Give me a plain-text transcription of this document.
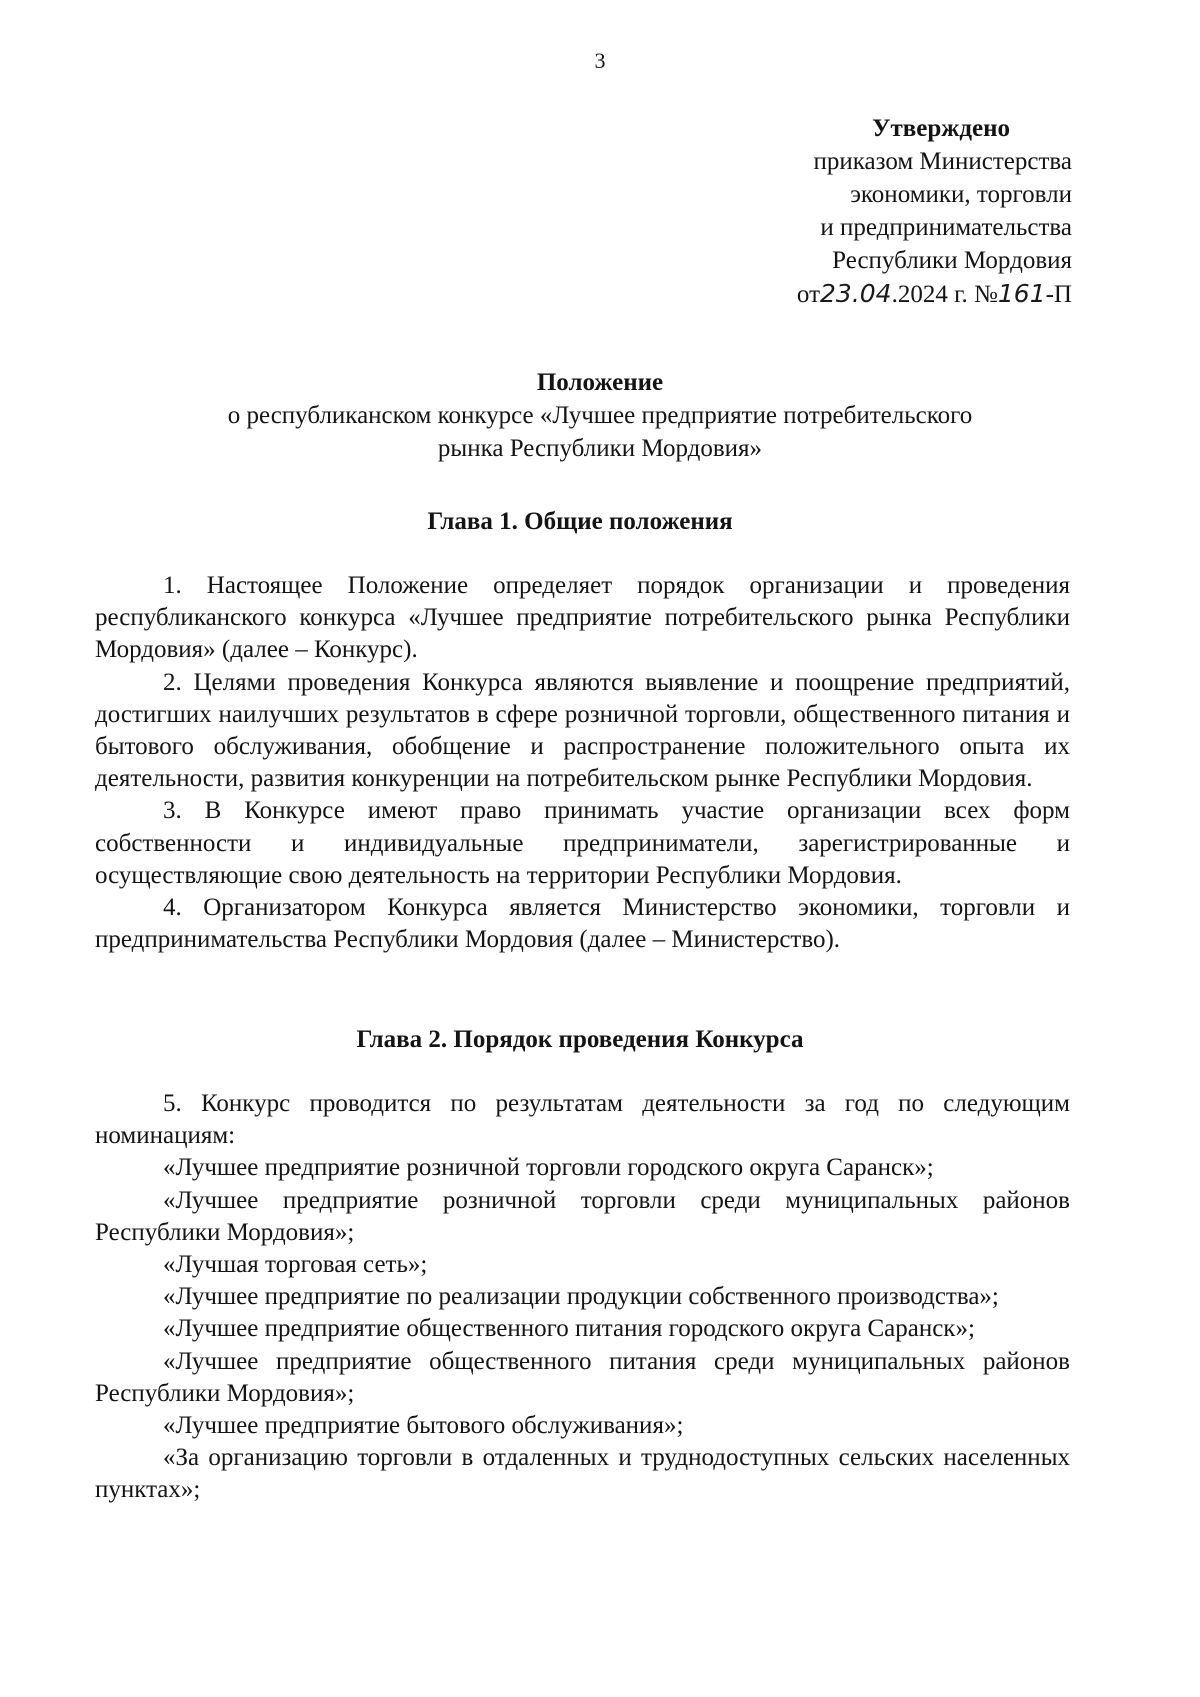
3
Утверждено
приказом Министерства
экономики, торговли
и предпринимательства
Республики Мордовия
от23.04.2024 г. №161-П
Положение
о республиканском конкурсе «Лучшее предприятие потребительского
рынка Республики Мордовия»
Глава 1. Общие положения

1. Настоящее Положение определяет порядок организации и проведения республиканского конкурса «Лучшее предприятие потребительского рынка Республики Мордовия» (далее – Конкурс).

2. Целями проведения Конкурса являются выявление и поощрение предприятий, достигших наилучших результатов в сфере розничной торговли, общественного питания и бытового обслуживания, обобщение и распространение положительного опыта их деятельности, развития конкуренции на потребительском рынке Республики Мордовия.

3. В Конкурсе имеют право принимать участие организации всех форм собственности и индивидуальные предприниматели, зарегистрированные и осуществляющие свою деятельность на территории Республики Мордовия.

4. Организатором Конкурса является Министерство экономики, торговли и предпринимательства Республики Мордовия (далее – Министерство).

Глава 2. Порядок проведения Конкурса

5. Конкурс проводится по результатам деятельности за год по следующим номинациям:

«Лучшее предприятие розничной торговли городского округа Саранск»;

«Лучшее предприятие розничной торговли среди муниципальных районов Республики Мордовия»;

«Лучшая торговая сеть»;

«Лучшее предприятие по реализации продукции собственного производства»;

«Лучшее предприятие общественного питания городского округа Саранск»;

«Лучшее предприятие общественного питания среди муниципальных районов Республики Мордовия»;

«Лучшее предприятие бытового обслуживания»;

«За организацию торговли в отдаленных и труднодоступных сельских населенных пунктах»;
